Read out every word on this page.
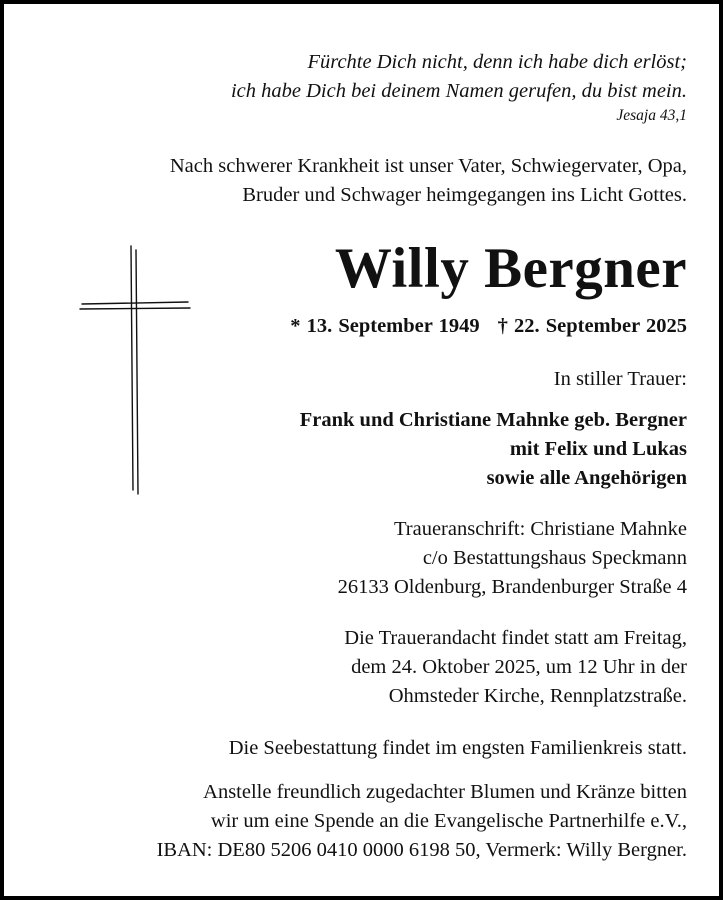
Fürchte Dich nicht, denn ich habe dich erlöst;
ich habe Dich bei deinem Namen gerufen, du bist mein.
Jesaja 43,1
Nach schwerer Krankheit ist unser Vater, Schwiegervater, Opa,
Bruder und Schwager heimgegangen ins Licht Gottes.
Willy Bergner
* 13. September 1949 † 22. September 2025
In stiller Trauer:
Frank und Christiane Mahnke geb. Bergner
mit Felix und Lukas
sowie alle Angehörigen
Traueranschrift: Christiane Mahnke
c/o Bestattungshaus Speckmann
26133 Oldenburg, Brandenburger Straße 4
Die Trauerandacht findet statt am Freitag,
dem 24. Oktober 2025, um 12 Uhr in der
Ohmsteder Kirche, Rennplatzstraße.
Die Seebestattung findet im engsten Familienkreis statt.
Anstelle freundlich zugedachter Blumen und Kränze bitten
wir um eine Spende an die Evangelische Partnerhilfe e.V.,
IBAN: DE80 5206 0410 0000 6198 50, Vermerk: Willy Bergner.
